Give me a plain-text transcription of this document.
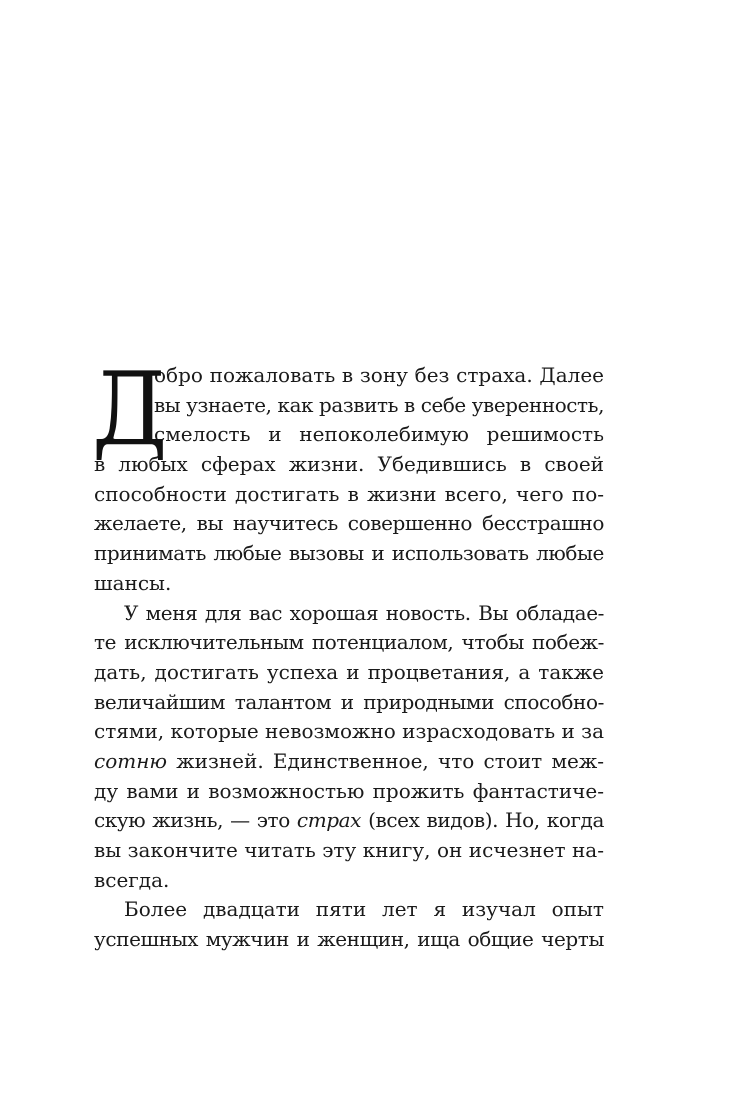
Д
обро пожаловать в зону без страха. Далее
вы узнаете, как развить в себе уверенность,
смелость и непоколебимую решимость
в любых сферах жизни. Убедившись в своей
способности достигать в жизни всего, чего по-
желаете, вы научитесь совершенно бесстрашно
принимать любые вызовы и использовать любые
шансы.
У меня для вас хорошая новость. Вы обладае-
те исключительным потенциалом, чтобы побеж-
дать, достигать успеха и процветания, а также
величайшим талантом и природными способно-
стями, которые невозможно израсходовать и за
сотню жизней. Единственное, что стоит меж-
ду вами и возможностью прожить фантастиче-
скую жизнь, — это страх (всех видов). Но, когда
вы закончите читать эту книгу, он исчезнет на-
всегда.
Более двадцати пяти лет я изучал опыт
успешных мужчин и женщин, ища общие черты
